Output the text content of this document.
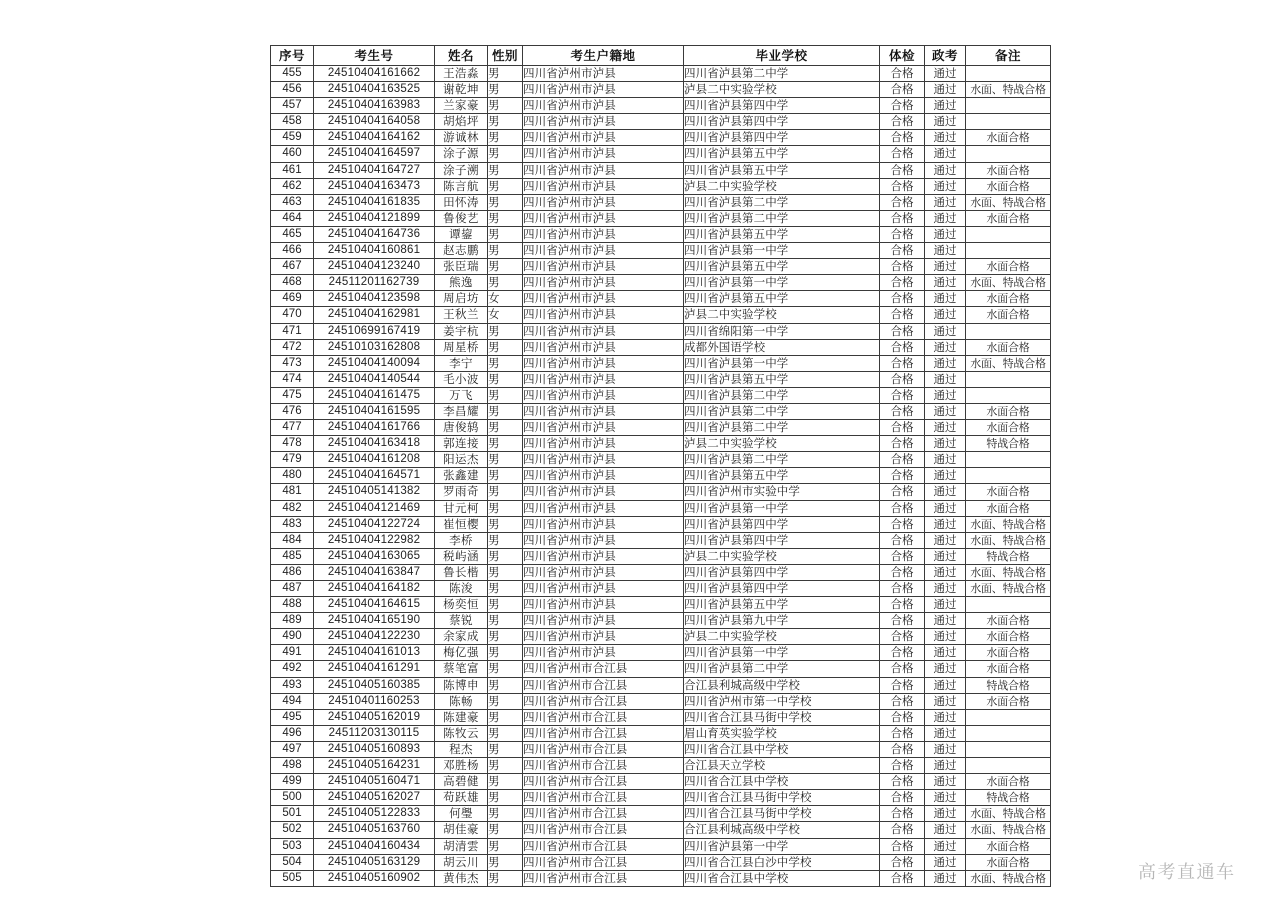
序号	考生号	姓名	性别	考生户籍地	毕业学校	体检	政考	备注
455	24510404161662	王浩淼	男	四川省泸州市泸县	四川省泸县第二中学	合格	通过	
456	24510404163525	谢乾坤	男	四川省泸州市泸县	泸县二中实验学校	合格	通过	水面、特战合格
457	24510404163983	兰家豪	男	四川省泸州市泸县	四川省泸县第四中学	合格	通过	
458	24510404164058	胡焰坪	男	四川省泸州市泸县	四川省泸县第四中学	合格	通过	
459	24510404164162	游诚林	男	四川省泸州市泸县	四川省泸县第四中学	合格	通过	水面合格
460	24510404164597	涂子源	男	四川省泸州市泸县	四川省泸县第五中学	合格	通过	
461	24510404164727	涂子溯	男	四川省泸州市泸县	四川省泸县第五中学	合格	通过	水面合格
462	24510404163473	陈言航	男	四川省泸州市泸县	泸县二中实验学校	合格	通过	水面合格
463	24510404161835	田怀涛	男	四川省泸州市泸县	四川省泸县第二中学	合格	通过	水面、特战合格
464	24510404121899	鲁俊艺	男	四川省泸州市泸县	四川省泸县第二中学	合格	通过	水面合格
465	24510404164736	谭鋆	男	四川省泸州市泸县	四川省泸县第五中学	合格	通过	
466	24510404160861	赵志鹏	男	四川省泸州市泸县	四川省泸县第一中学	合格	通过	
467	24510404123240	张臣瑞	男	四川省泸州市泸县	四川省泸县第五中学	合格	通过	水面合格
468	24511201162739	熊逸	男	四川省泸州市泸县	四川省泸县第一中学	合格	通过	水面、特战合格
469	24510404123598	周启坊	女	四川省泸州市泸县	四川省泸县第五中学	合格	通过	水面合格
470	24510404162981	王秋兰	女	四川省泸州市泸县	泸县二中实验学校	合格	通过	水面合格
471	24510699167419	姜宇杭	男	四川省泸州市泸县	四川省绵阳第一中学	合格	通过	
472	24510103162808	周星桥	男	四川省泸州市泸县	成都外国语学校	合格	通过	水面合格
473	24510404140094	李宁	男	四川省泸州市泸县	四川省泸县第一中学	合格	通过	水面、特战合格
474	24510404140544	毛小波	男	四川省泸州市泸县	四川省泸县第五中学	合格	通过	
475	24510404161475	万飞	男	四川省泸州市泸县	四川省泸县第二中学	合格	通过	
476	24510404161595	李昌耀	男	四川省泸州市泸县	四川省泸县第二中学	合格	通过	水面合格
477	24510404161766	唐俊鸫	男	四川省泸州市泸县	四川省泸县第二中学	合格	通过	水面合格
478	24510404163418	郭连接	男	四川省泸州市泸县	泸县二中实验学校	合格	通过	特战合格
479	24510404161208	阳运杰	男	四川省泸州市泸县	四川省泸县第二中学	合格	通过	
480	24510404164571	张鑫建	男	四川省泸州市泸县	四川省泸县第五中学	合格	通过	
481	24510405141382	罗雨奇	男	四川省泸州市泸县	四川省泸州市实验中学	合格	通过	水面合格
482	24510404121469	甘元柯	男	四川省泸州市泸县	四川省泸县第一中学	合格	通过	水面合格
483	24510404122724	崔恒樱	男	四川省泸州市泸县	四川省泸县第四中学	合格	通过	水面、特战合格
484	24510404122982	李桥	男	四川省泸州市泸县	四川省泸县第四中学	合格	通过	水面、特战合格
485	24510404163065	税屿涵	男	四川省泸州市泸县	泸县二中实验学校	合格	通过	特战合格
486	24510404163847	鲁长楷	男	四川省泸州市泸县	四川省泸县第四中学	合格	通过	水面、特战合格
487	24510404164182	陈浚	男	四川省泸州市泸县	四川省泸县第四中学	合格	通过	水面、特战合格
488	24510404164615	杨奕恒	男	四川省泸州市泸县	四川省泸县第五中学	合格	通过	
489	24510404165190	蔡锐	男	四川省泸州市泸县	四川省泸县第九中学	合格	通过	水面合格
490	24510404122230	余家成	男	四川省泸州市泸县	泸县二中实验学校	合格	通过	水面合格
491	24510404161013	梅亿强	男	四川省泸州市泸县	四川省泸县第一中学	合格	通过	水面合格
492	24510404161291	蔡笔富	男	四川省泸州市合江县	四川省泸县第二中学	合格	通过	水面合格
493	24510405160385	陈博申	男	四川省泸州市合江县	合江县利城高级中学校	合格	通过	特战合格
494	24510401160253	陈畅	男	四川省泸州市合江县	四川省泸州市第一中学校	合格	通过	水面合格
495	24510405162019	陈建豪	男	四川省泸州市合江县	四川省合江县马街中学校	合格	通过	
496	24511203130115	陈牧云	男	四川省泸州市合江县	眉山育英实验学校	合格	通过	
497	24510405160893	程杰	男	四川省泸州市合江县	四川省合江县中学校	合格	通过	
498	24510405164231	邓胜杨	男	四川省泸州市合江县	合江县天立学校	合格	通过	
499	24510405160471	高碧健	男	四川省泸州市合江县	四川省合江县中学校	合格	通过	水面合格
500	24510405162027	苟跃雄	男	四川省泸州市合江县	四川省合江县马街中学校	合格	通过	特战合格
501	24510405122833	何璺	男	四川省泸州市合江县	四川省合江县马街中学校	合格	通过	水面、特战合格
502	24510405163760	胡佳豪	男	四川省泸州市合江县	合江县利城高级中学校	合格	通过	水面、特战合格
503	24510404160434	胡清雲	男	四川省泸州市合江县	四川省泸县第一中学	合格	通过	水面合格
504	24510405163129	胡云川	男	四川省泸州市合江县	四川省合江县白沙中学校	合格	通过	水面合格
505	24510405160902	黄伟杰	男	四川省泸州市合江县	四川省合江县中学校	合格	通过	水面、特战合格	高考直通车
